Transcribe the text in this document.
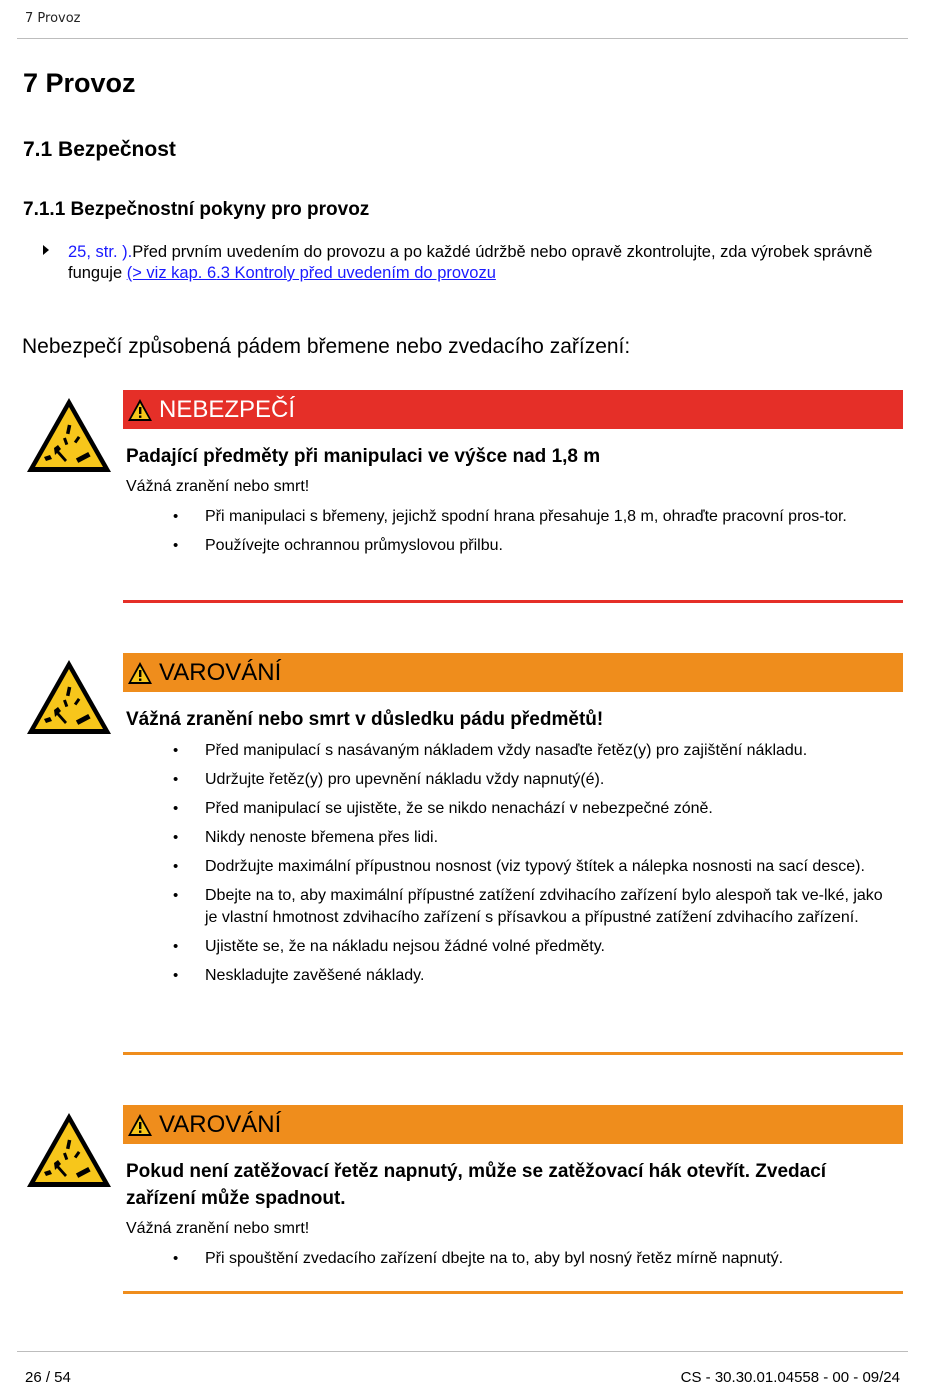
7 Provoz
7 Provoz
7.1 Bezpečnost
7.1.1 Bezpečnostní pokyny pro provoz
25, str. ).Před prvním uvedením do provozu a po každé údržbě nebo opravě zkontrolujte, zda výrobek správně funguje (> viz kap. 6.3 Kontroly před uvedením do provozu
Nebezpečí způsobená pádem břemene nebo zvedacího zařízení:
NEBEZPEČÍ
Padající předměty při manipulaci ve výšce nad 1,8 m
Vážná zranění nebo smrt!
• Při manipulaci s břemeny, jejichž spodní hrana přesahuje 1,8 m, ohraďte pracovní pros-tor.
• Používejte ochrannou průmyslovou přilbu.
VAROVÁNÍ
Vážná zranění nebo smrt v důsledku pádu předmětů!
• Před manipulací s nasávaným nákladem vždy nasaďte řetěz(y) pro zajištění nákladu.
• Udržujte řetěz(y) pro upevnění nákladu vždy napnutý(é).
• Před manipulací se ujistěte, že se nikdo nenachází v nebezpečné zóně.
• Nikdy nenoste břemena přes lidi.
• Dodržujte maximální přípustnou nosnost (viz typový štítek a nálepka nosnosti na sací desce).
• Dbejte na to, aby maximální přípustné zatížení zdvihacího zařízení bylo alespoň tak ve-lké, jako je vlastní hmotnost zdvihacího zařízení s přísavkou a přípustné zatížení zdvihacího zařízení.
• Ujistěte se, že na nákladu nejsou žádné volné předměty.
• Neskladujte zavěšené náklady.
VAROVÁNÍ
Pokud není zatěžovací řetěz napnutý, může se zatěžovací hák otevřít. Zvedací zařízení může spadnout.
Vážná zranění nebo smrt!
• Při spouštění zvedacího zařízení dbejte na to, aby byl nosný řetěz mírně napnutý.
26 / 54	CS - 30.30.01.04558 - 00 - 09/24
